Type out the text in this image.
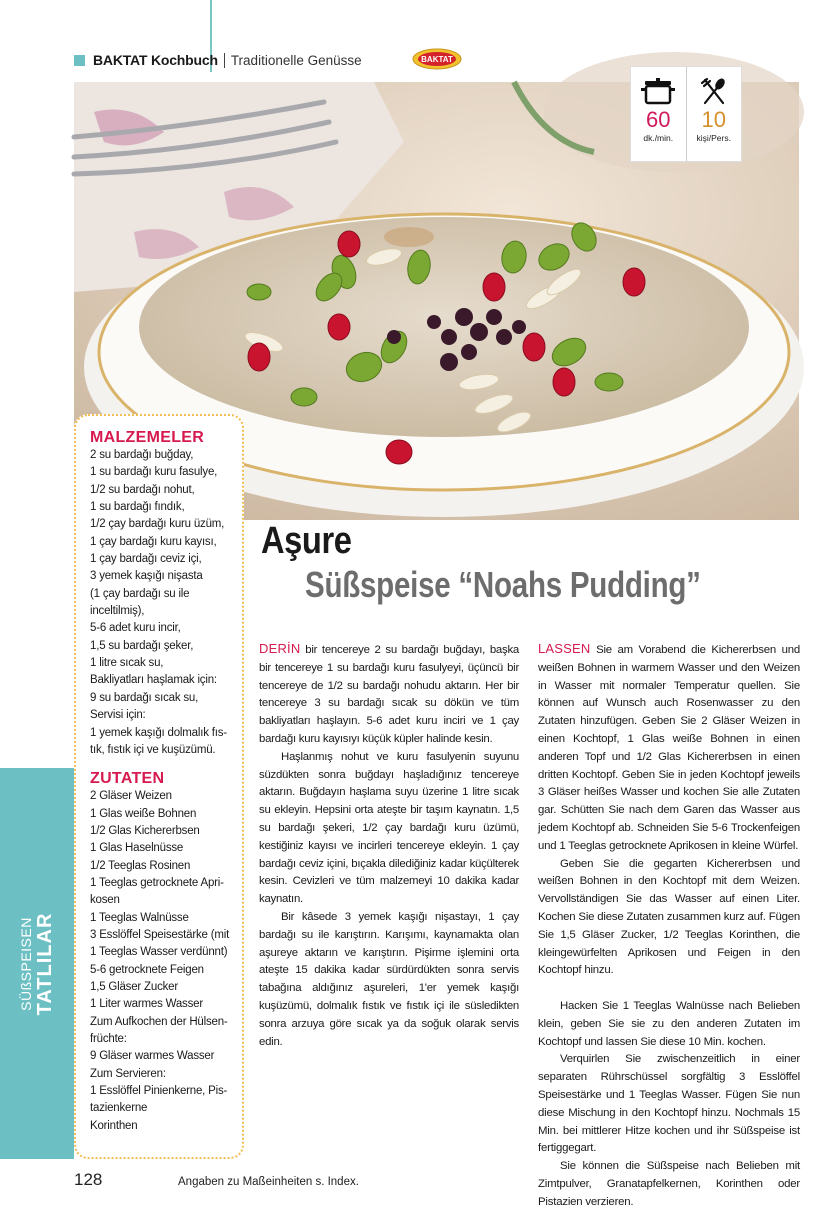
BAKTAT Kochbuch Traditionelle Genüsse	BAKTAT
60
dk./min.
10
kişi/Pers.
MALZEMELER
2 su bardağı buğday,
1 su bardağı kuru fasulye,
1/2 su bardağı nohut,
1 su bardağı fındık,
1/2 çay bardağı kuru üzüm,
1 çay bardağı kuru kayısı,
1 çay bardağı ceviz içi,
3 yemek kaşığı nişasta
(1 çay bardağı su ile
inceltilmiş),
5-6 adet kuru incir,
1,5 su bardağı şeker,
1 litre sıcak su,
Bakliyatları haşlamak için:
9 su bardağı sıcak su,
Servisi için:
1 yemek kaşığı dolmalık fıs-
tık, fıstık içi ve kuşüzümü.
ZUTATEN
2 Gläser Weizen
1 Glas weiße Bohnen
1/2 Glas Kichererbsen
1 Glas Haselnüsse
1/2 Teeglas Rosinen
1 Teeglas getrocknete Apri-
kosen
1 Teeglas Walnüsse
3 Esslöffel Speisestärke (mit
1 Teeglas Wasser verdünnt)
5-6 getrocknete Feigen
1,5 Gläser Zucker
1 Liter warmes Wasser
Zum Aufkochen der Hülsen-
früchte:
9 Gläser warmes Wasser
Zum Servieren:
1 Esslöffel Pinienkerne, Pis-
tazienkerne
Korinthen
SÜßSPEISEN TATLILAR
Aşure
Süßspeise “Noahs Pudding”

DERİN bir tencereye 2 su bardağı buğdayı, başka bir tencereye 1 su bardağı kuru fasulyeyi, üçüncü bir tencereye de 1/2 su bardağı nohudu aktarın. Her bir tencereye 3 su bardağı sıcak su dökün ve tüm bakliyatları haşlayın. 5-6 adet kuru inciri ve 1 çay bardağı kuru kayısıyı küçük küpler halinde kesin.

Haşlanmış nohut ve kuru fasulyenin suyunu süzdükten sonra buğdayı haşladığınız tencereye aktarın. Buğdayın haşlama suyu üzerine 1 litre sıcak su ekleyin. Hepsini orta ateşte bir taşım kaynatın. 1,5 su bardağı şekeri, 1/2 çay bardağı kuru üzümü, kestiğiniz kayısı ve incirleri tencereye ekleyin. 1 çay bardağı ceviz içini, bıçakla dilediğiniz kadar küçülterek kesin. Cevizleri ve tüm malzemeyi 10 dakika kadar kaynatın.

Bir kâsede 3 yemek kaşığı nişastayı, 1 çay bardağı su ile karıştırın. Karışımı, kaynamakta olan aşureye aktarın ve karıştırın. Pişirme işlemini orta ateşte 15 dakika kadar sürdürdükten sonra servis tabağına aldığınız aşureleri, 1'er yemek kaşığı kuşüzümü, dolmalık fıstık ve fıstık içi ile süsledikten sonra arzuya göre sıcak ya da soğuk olarak servis edin.

LASSEN Sie am Vorabend die Kichererbsen und weißen Bohnen in warmem Wasser und den Weizen in Wasser mit normaler Temperatur quellen. Sie können auf Wunsch auch Rosenwasser zu den Zutaten hinzufügen. Geben Sie 2 Gläser Weizen in einen Kochtopf, 1 Glas weiße Bohnen in einen anderen Topf und 1/2 Glas Kichererbsen in einen dritten Kochtopf. Geben Sie in jeden Kochtopf jeweils 3 Gläser heißes Wasser und kochen Sie alle Zutaten gar. Schütten Sie nach dem Garen das Wasser aus jedem Kochtopf ab. Schneiden Sie 5-6 Trockenfeigen und 1 Teeglas getrocknete Aprikosen in kleine Würfel.

Geben Sie die gegarten Kichererbsen und weißen Bohnen in den Kochtopf mit dem Weizen. Vervollständigen Sie das Wasser auf einen Liter. Kochen Sie diese Zutaten zusammen kurz auf. Fügen Sie 1,5 Gläser Zucker, 1/2 Teeglas Korinthen, die kleingewürfelten Aprikosen und Feigen in den Kochtopf hinzu.

Hacken Sie 1 Teeglas Walnüsse nach Belieben klein, geben Sie sie zu den anderen Zutaten im Kochtopf und lassen Sie diese 10 Min. kochen.

Verquirlen Sie zwischenzeitlich in einer separaten Rührschüssel sorgfältig 3 Esslöffel Speisestärke und 1 Teeglas Wasser. Fügen Sie nun diese Mischung in den Kochtopf hinzu. Nochmals 15 Min. bei mittlerer Hitze kochen und ihr Süßspeise ist fertiggegart.

Sie können die Süßspeise nach Belieben mit Zimtpulver, Granatapfelkernen, Korinthen oder Pistazien verzieren.

128	Angaben zu Maßeinheiten s. Index.
